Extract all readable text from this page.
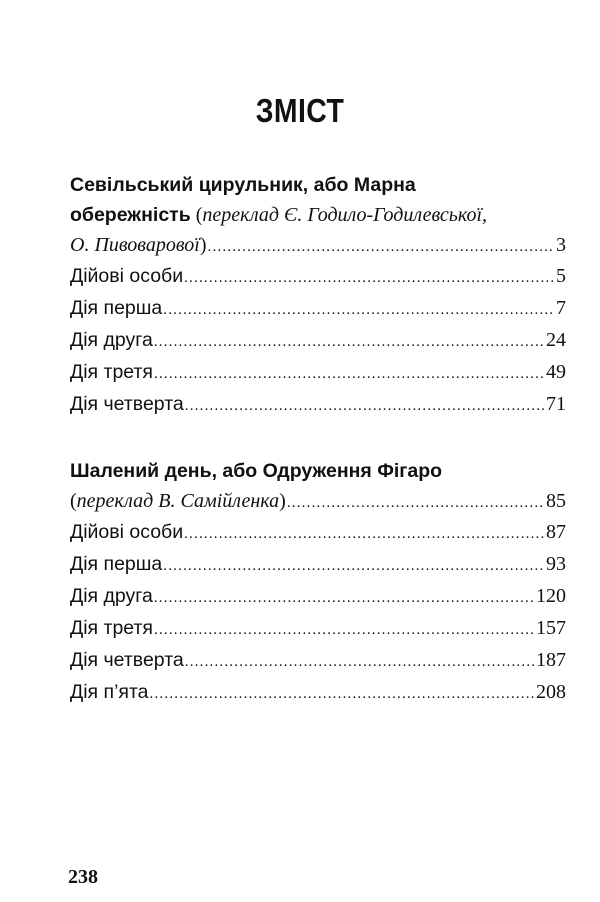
ЗМІСТ
Севільський цирульник, або Марна
обережність (переклад Є. Годило-Годилевської,
О. Пивоварової) .....	3
Дійові особи .....	5
Дія перша .....	7
Дія друга .....	24
Дія третя .....	49
Дія четверта .....	71
Шалений день, або Одруження Фігаро
(переклад В. Самійленка) .....	85
Дійові особи .....	87
Дія перша .....	93
Дія друга .....	120
Дія третя .....	157
Дія четверта .....	187
Дія п’ята .....	208
238
